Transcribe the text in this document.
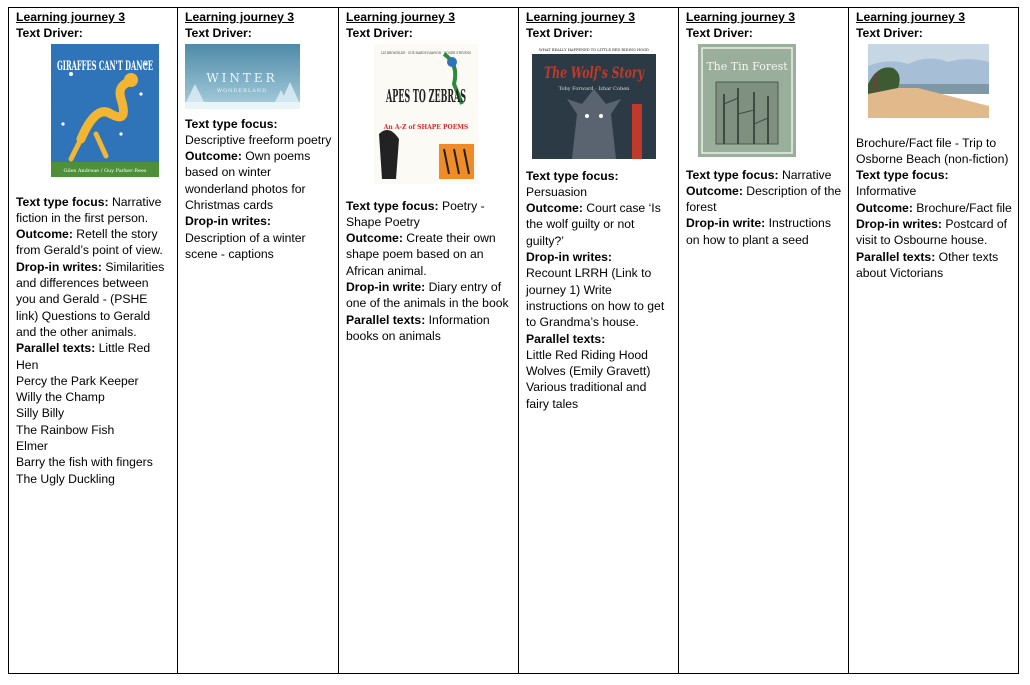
Learning journey 3
Text Driver:
GIRAFFES CAN'T DANCE
Giles Andreae / Guy Parker-Rees
Text type focus: Narrative fiction in the first person.
Outcome: Retell the story from Gerald’s point of view.
Drop-in writes: Similarities and differences between you and Gerald - (PSHE link) Questions to Gerald and the other animals.
Parallel texts: Little Red Hen
Percy the Park Keeper
Willy the Champ
Silly Billy
The Rainbow Fish
Elmer
Barry the fish with fingers
The Ugly Duckling
Learning journey 3
Text Driver:
WINTER
WONDERLAND
Text type focus:
Descriptive freeform poetry
Outcome: Own poems based on winter wonderland photos for Christmas cards
Drop-in writes:
Description of a winter scene - captions
Learning journey 3
Text Driver:
LIZ BROWNLEE · SUE HARDY-DAWSON · ROGER STEVENS
APES TO ZEBRAS
An A-Z of SHAPE POEMS
Text type focus: Poetry - Shape Poetry
Outcome: Create their own shape poem based on an African animal.
Drop-in write: Diary entry of one of the animals in the book
Parallel texts: Information books on animals
Learning journey 3
Text Driver:
WHAT REALLY HAPPENED TO LITTLE RED RIDING HOOD
The Wolf's Story
Toby Forward · Izhar Cohen
Text type focus:
Persuasion
Outcome: Court case ‘Is the wolf guilty or not guilty?’
Drop-in writes:
Recount LRRH (Link to journey 1) Write instructions on how to get to Grandma’s house.
Parallel texts:
Little Red Riding Hood
Wolves (Emily Gravett)
Various traditional and fairy tales
Learning journey 3
Text Driver:
The Tin Forest
Text type focus: Narrative
Outcome: Description of the forest
Drop-in write: Instructions on how to plant a seed
Learning journey 3
Text Driver:
Brochure/Fact file - Trip to Osborne Beach (non-fiction)
Text type focus: Informative
Outcome: Brochure/Fact file
Drop-in writes: Postcard of visit to Osbourne house.
Parallel texts: Other texts about Victorians
